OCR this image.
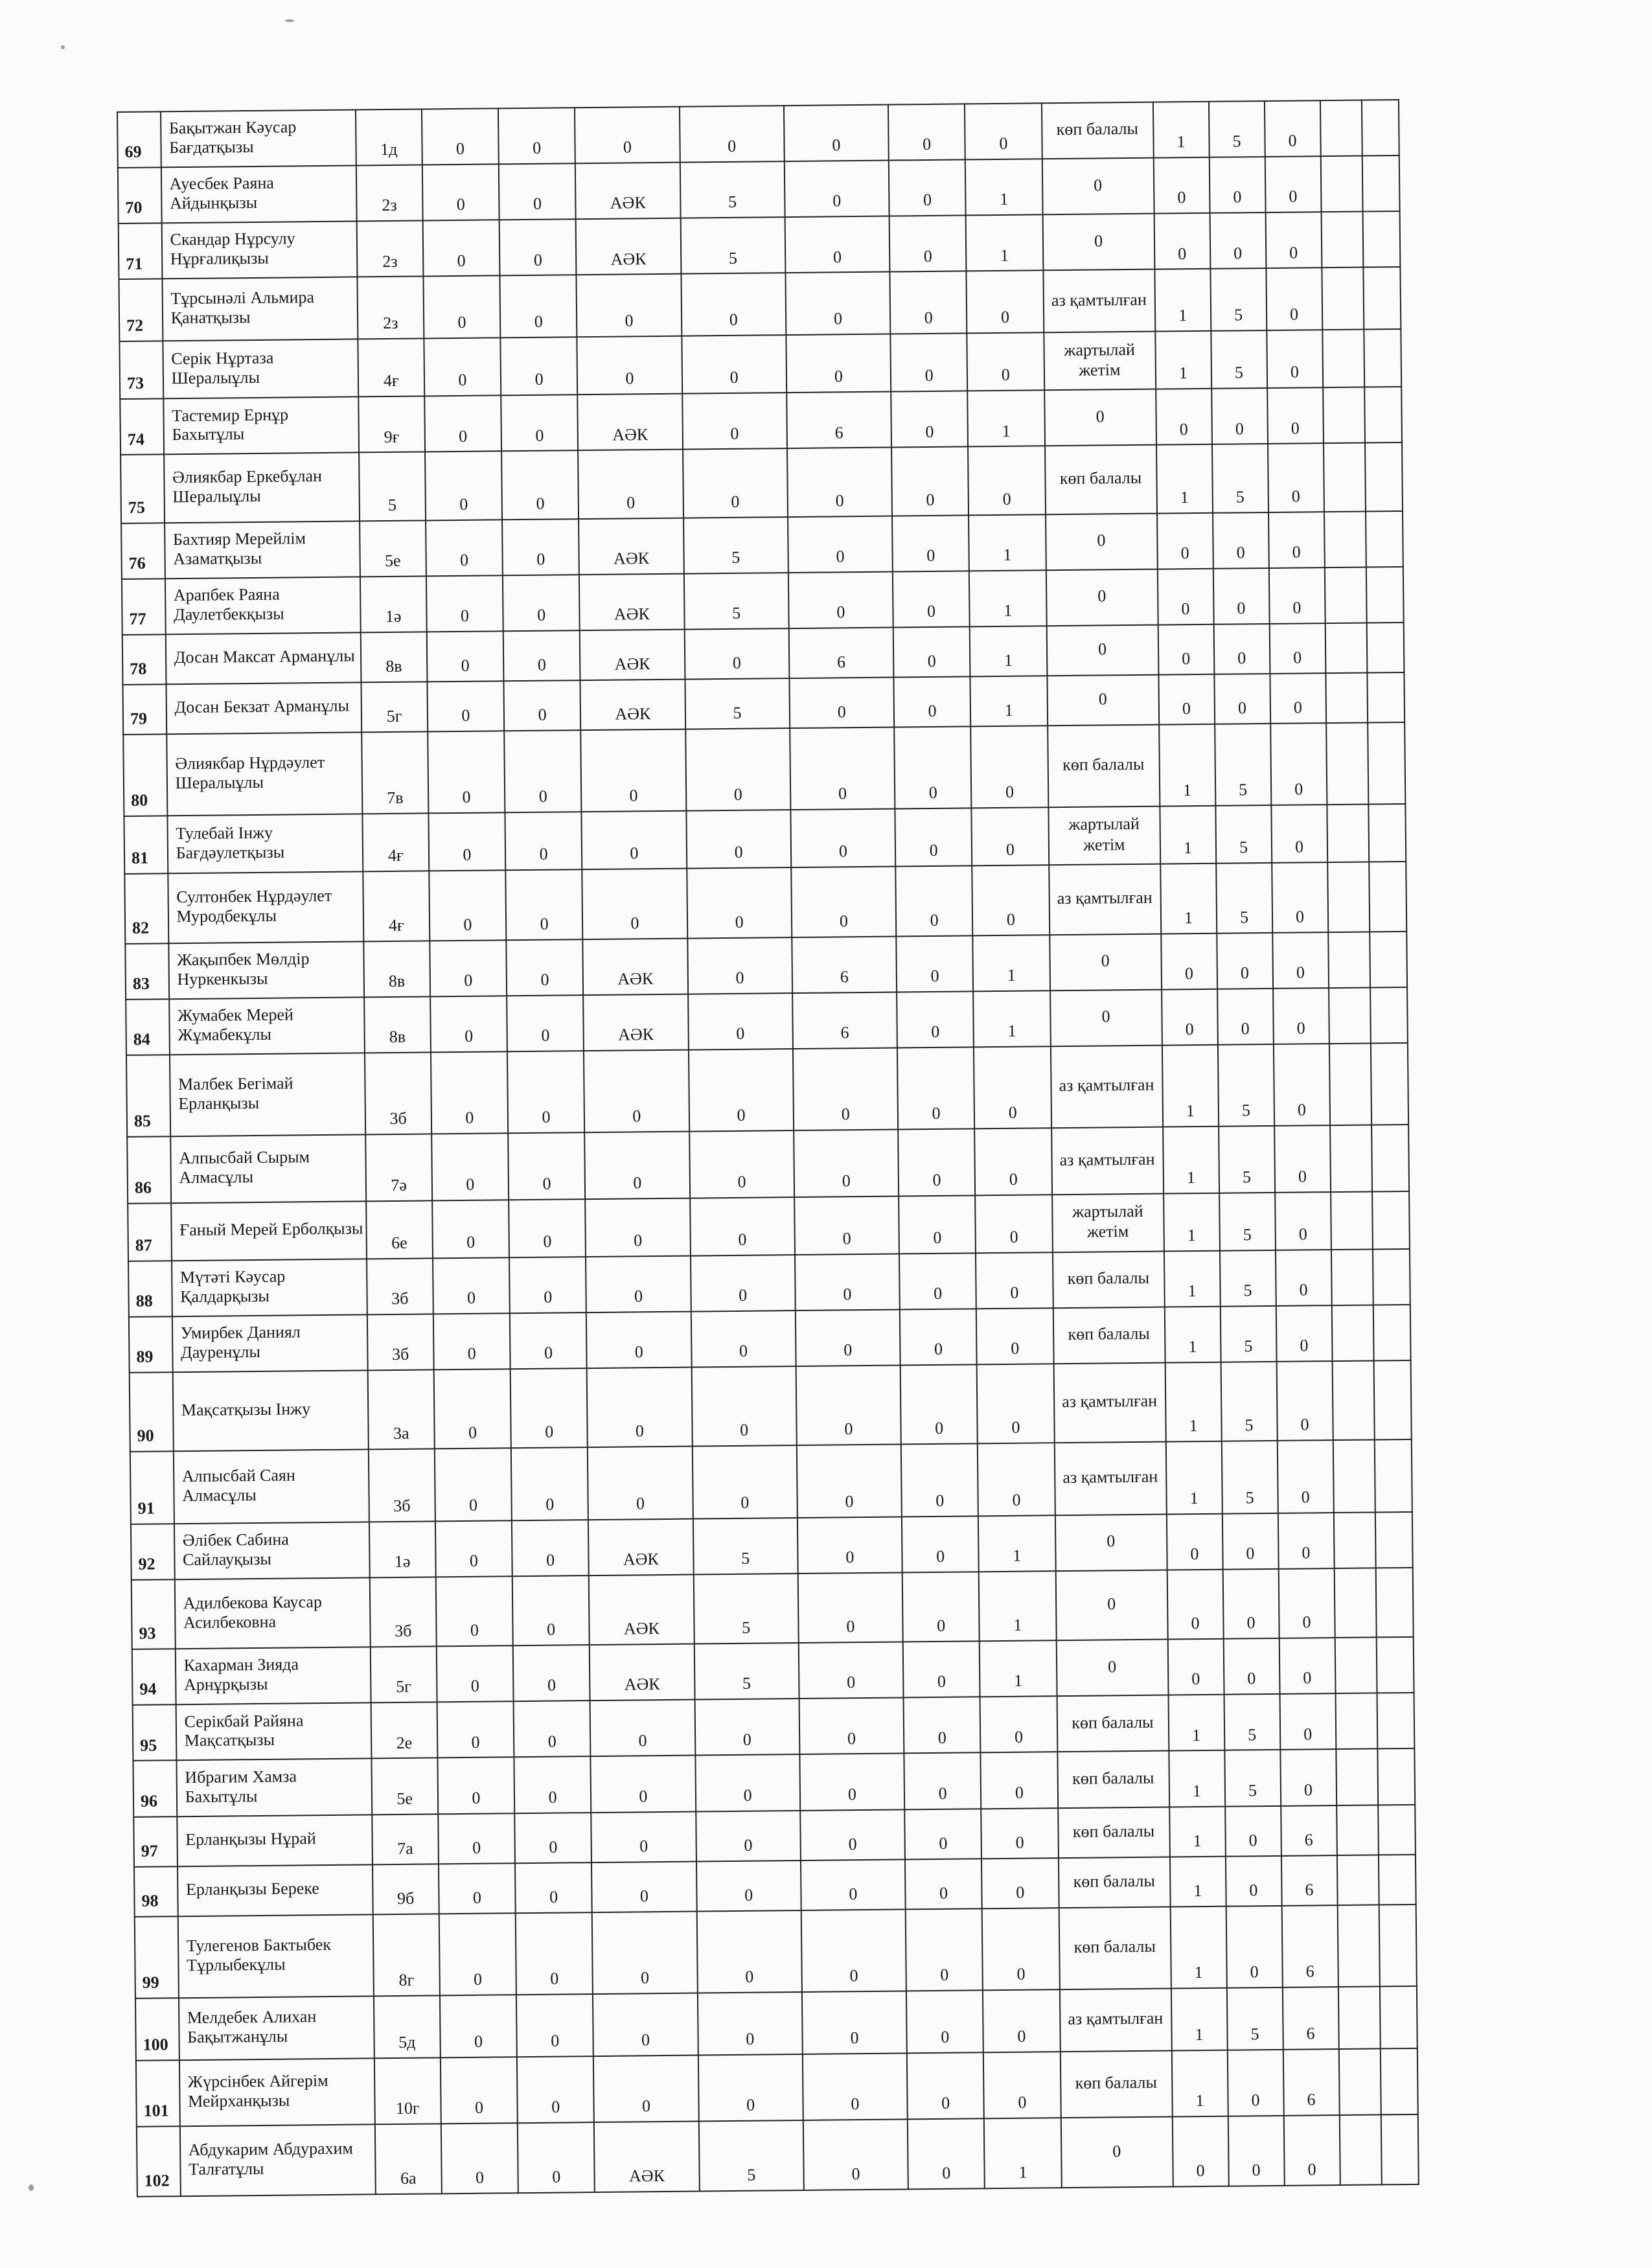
69	Бақытжан Кәусар Бағдатқызы	1д	0	0	0	0	0	0	0	көп балалы	1	5	0		
70	Ауесбек Раяна Айдынқызы	2з	0	0	АӘК	5	0	0	1	0	0	0	0		
71	Скандар Нұрсулу Нұрғалиқызы	2з	0	0	АӘК	5	0	0	1	0	0	0	0		
72	Тұрсынәлі Альмира Қанатқызы	2з	0	0	0	0	0	0	0	аз қамтылған	1	5	0		
73	Серік Нұртаза Шералыұлы	4ғ	0	0	0	0	0	0	0	жартылай жетім	1	5	0		
74	Тастемир Ернұр Бахытұлы	9ғ	0	0	АӘК	0	6	0	1	0	0	0	0		
75	Әлиякбар Еркебұлан Шералыұлы	5	0	0	0	0	0	0	0	көп балалы	1	5	0		
76	Бахтияр Мерейлім Азаматқызы	5е	0	0	АӘК	5	0	0	1	0	0	0	0		
77	Арапбек Раяна Даулетбекқызы	1ә	0	0	АӘК	5	0	0	1	0	0	0	0		
78	Досан Максат Арманұлы	8в	0	0	АӘК	0	6	0	1	0	0	0	0		
79	Досан Бекзат Арманұлы	5г	0	0	АӘК	5	0	0	1	0	0	0	0		
80	Әлиякбар Нұрдәулет Шералыұлы	7в	0	0	0	0	0	0	0	көп балалы	1	5	0		
81	Тулебай Інжу Бағдәулетқызы	4ғ	0	0	0	0	0	0	0	жартылай жетім	1	5	0		
82	Султонбек Нұрдәулет Муродбекұлы	4ғ	0	0	0	0	0	0	0	аз қамтылған	1	5	0		
83	Жақыпбек Мөлдір Нуркенкызы	8в	0	0	АӘК	0	6	0	1	0	0	0	0		
84	Жумабек Мерей Жұмабекұлы	8в	0	0	АӘК	0	6	0	1	0	0	0	0		
85	Малбек Бегімай Ерланқызы	3б	0	0	0	0	0	0	0	аз қамтылған	1	5	0		
86	Алпысбай Сырым Алмасұлы	7ә	0	0	0	0	0	0	0	аз қамтылған	1	5	0		
87	Ғаный Мерей Ерболқызы	6е	0	0	0	0	0	0	0	жартылай жетім	1	5	0		
88	Мүтәті Кәусар Қалдарқызы	3б	0	0	0	0	0	0	0	көп балалы	1	5	0		
89	Умирбек Даниял Дауренұлы	3б	0	0	0	0	0	0	0	көп балалы	1	5	0		
90	Мақсатқызы Інжу	3а	0	0	0	0	0	0	0	аз қамтылған	1	5	0		
91	Алпысбай Саян Алмасұлы	3б	0	0	0	0	0	0	0	аз қамтылған	1	5	0		
92	Әлібек Сабина Сайлауқызы	1ә	0	0	АӘК	5	0	0	1	0	0	0	0		
93	Адилбекова Каусар Асилбековна	3б	0	0	АӘК	5	0	0	1	0	0	0	0		
94	Кахарман Зияда Арнұрқызы	5г	0	0	АӘК	5	0	0	1	0	0	0	0		
95	Серікбай Райяна Мақсатқызы	2е	0	0	0	0	0	0	0	көп балалы	1	5	0		
96	Ибрагим Хамза Бахытұлы	5е	0	0	0	0	0	0	0	көп балалы	1	5	0		
97	Ерланқызы Нұрай	7а	0	0	0	0	0	0	0	көп балалы	1	0	6		
98	Ерланқызы Береке	9б	0	0	0	0	0	0	0	көп балалы	1	0	6		
99	Тулегенов Бактыбек Тұрлыбекұлы	8г	0	0	0	0	0	0	0	көп балалы	1	0	6		
100	Мелдебек Алихан Бақытжанұлы	5д	0	0	0	0	0	0	0	аз қамтылған	1	5	6		
101	Жүрсінбек Айгерім Мейрханқызы	10г	0	0	0	0	0	0	0	көп балалы	1	0	6		
102	Абдукарим Абдурахим Талғатұлы	6а	0	0	АӘК	5	0	0	1	0	0	0	0		
